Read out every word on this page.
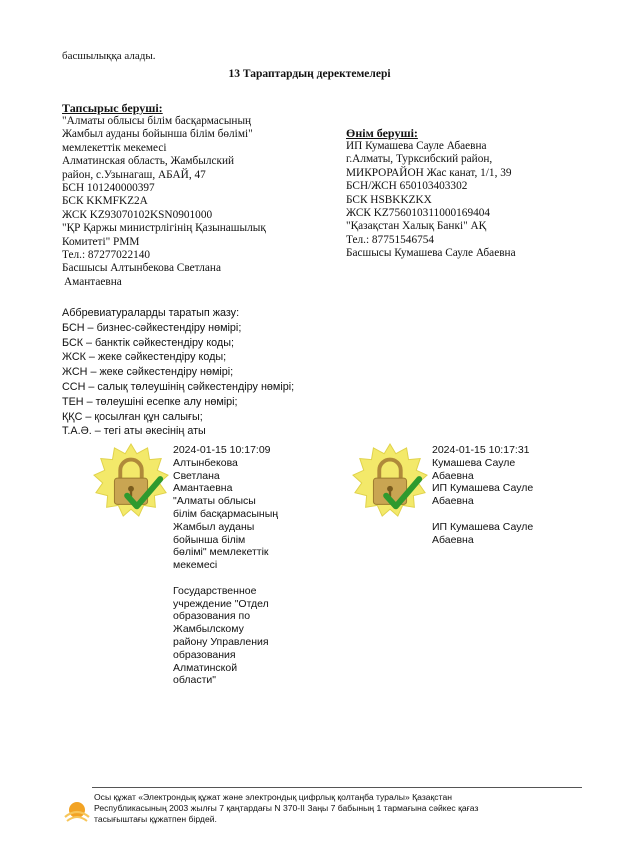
басшылыққа алады.
13 Тараптардың деректемелері
Тапсырыс беруші:
"Алматы облысы білім басқармасының
Жамбыл ауданы бойынша білім бөлімі"
мемлекеттік мекемесі
Алматинская область, Жамбылский
район, с.Узынагаш, АБАЙ, 47
БСН 101240000397
БСК KKMFKZ2A
ЖСК KZ93070102KSN0901000
"ҚР Қаржы министрлігінің Қазынашылық
Комитеті" РММ
Тел.: 87277022140
Басшысы Алтынбекова Светлана
Амантаевна
Өнім беруші:
ИП Кумашева Сауле Абаевна
г.Алматы, Турксибский район,
МИКРОРАЙОН Жас канат, 1/1, 39
БСН/ЖСН 650103403302
БСК HSBKKZKX
ЖСК KZ756010311000169404
"Қазақстан Халық Банкі" АҚ
Тел.: 87751546754
Басшысы Кумашева Сауле Абаевна
Аббревиатураларды таратып жазу:
БСН – бизнес-сәйкестендіру нөмірі;
БСК – банктік сәйкестендіру коды;
ЖСК – жеке сәйкестендіру коды;
ЖСН – жеке сәйкестендіру нөмірі;
ССН – салық төлеушінің сәйкестендіру нөмірі;
ТЕН – төлеушіні есепке алу нөмірі;
ҚҚС – қосылған құн салығы;
Т.А.Ә. – тегі аты әкесінің аты
2024-01-15 10:17:09
Алтынбекова
Светлана
Амантаевна
"Алматы облысы
білім басқармасының
Жамбыл ауданы
бойынша білім
бөлімі" мемлекеттік
мекемесі
Государственное
учреждение "Отдел
образования по
Жамбылскому
району Управления
образования
Алматинской
области"
2024-01-15 10:17:31
Кумашева Сауле
Абаевна
ИП Кумашева Сауле
Абаевна
ИП Кумашева Сауле
Абаевна
Осы құжат «Электрондық құжат және электрондық цифрлық қолтаңба туралы» Қазақстан
Республикасының 2003 жылғы 7 қаңтардағы N 370-II Заңы 7 бабының 1 тармағына сәйкес қағаз
тасығыштағы құжатпен бірдей.
